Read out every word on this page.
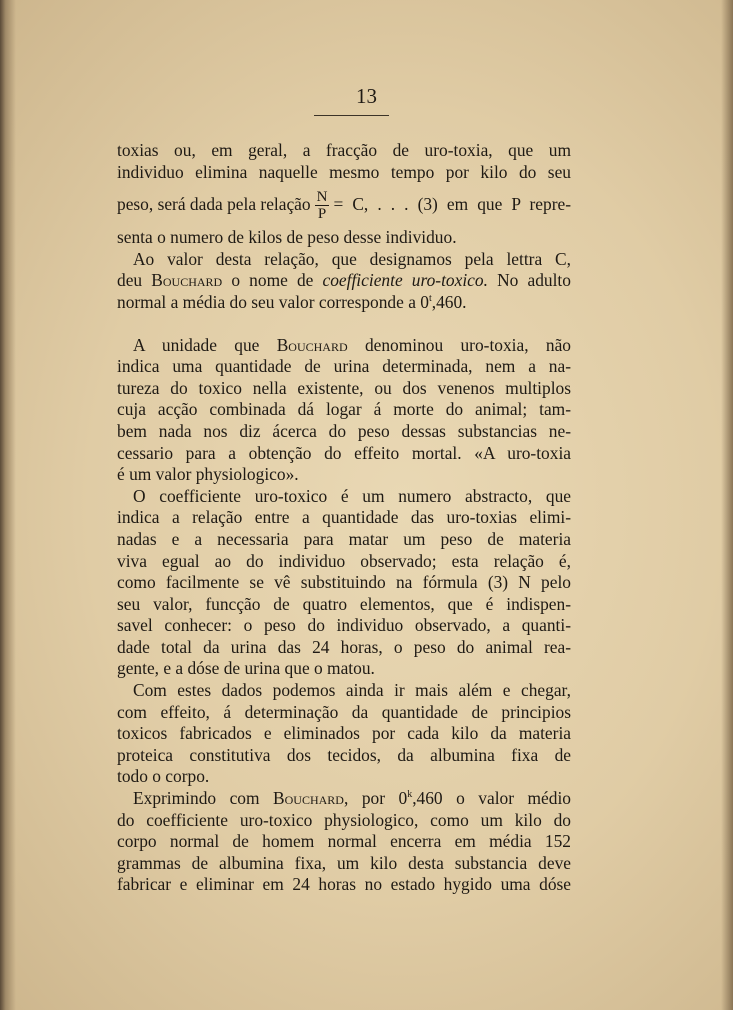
13

toxias ou, em geral, a fracção de uro-toxia, que um

individuo elimina naquelle mesmo tempo por kilo do seu

peso, será dada pela relação $\frac{N}{P} = C$, . . . (3) em que P repre-

senta o numero de kilos de peso desse individuo.

Ao valor desta relação, que designamos pela lettra C,

deu Bouchard o nome de coefficiente uro-toxico. No adulto

normal a média do seu valor corresponde a 0$^t$,460.

A unidade que Bouchard denominou uro-toxia, não

indica uma quantidade de urina determinada, nem a na-

tureza do toxico nella existente, ou dos venenos multiplos

cuja acção combinada dá logar á morte do animal; tam-

bem nada nos diz ácerca do peso dessas substancias ne-

cessario para a obtenção do effeito mortal. «A uro-toxia

é um valor physiologico».

O coefficiente uro-toxico é um numero abstracto, que

indica a relação entre a quantidade das uro-toxias elimi-

nadas e a necessaria para matar um peso de materia

viva egual ao do individuo observado; esta relação é,

como facilmente se vê substituindo na fórmula (3) N pelo

seu valor, funcção de quatro elementos, que é indispen-

savel conhecer: o peso do individuo observado, a quanti-

dade total da urina das 24 horas, o peso do animal rea-

gente, e a dóse de urina que o matou.

Com estes dados podemos ainda ir mais além e chegar,

com effeito, á determinação da quantidade de principios

toxicos fabricados e eliminados por cada kilo da materia

proteica constitutiva dos tecidos, da albumina fixa de

todo o corpo.

Exprimindo com Bouchard, por 0$^k$,460 o valor médio

do coefficiente uro-toxico physiologico, como um kilo do

corpo normal de homem normal encerra em média 152

grammas de albumina fixa, um kilo desta substancia deve

fabricar e eliminar em 24 horas no estado hygido uma dóse
